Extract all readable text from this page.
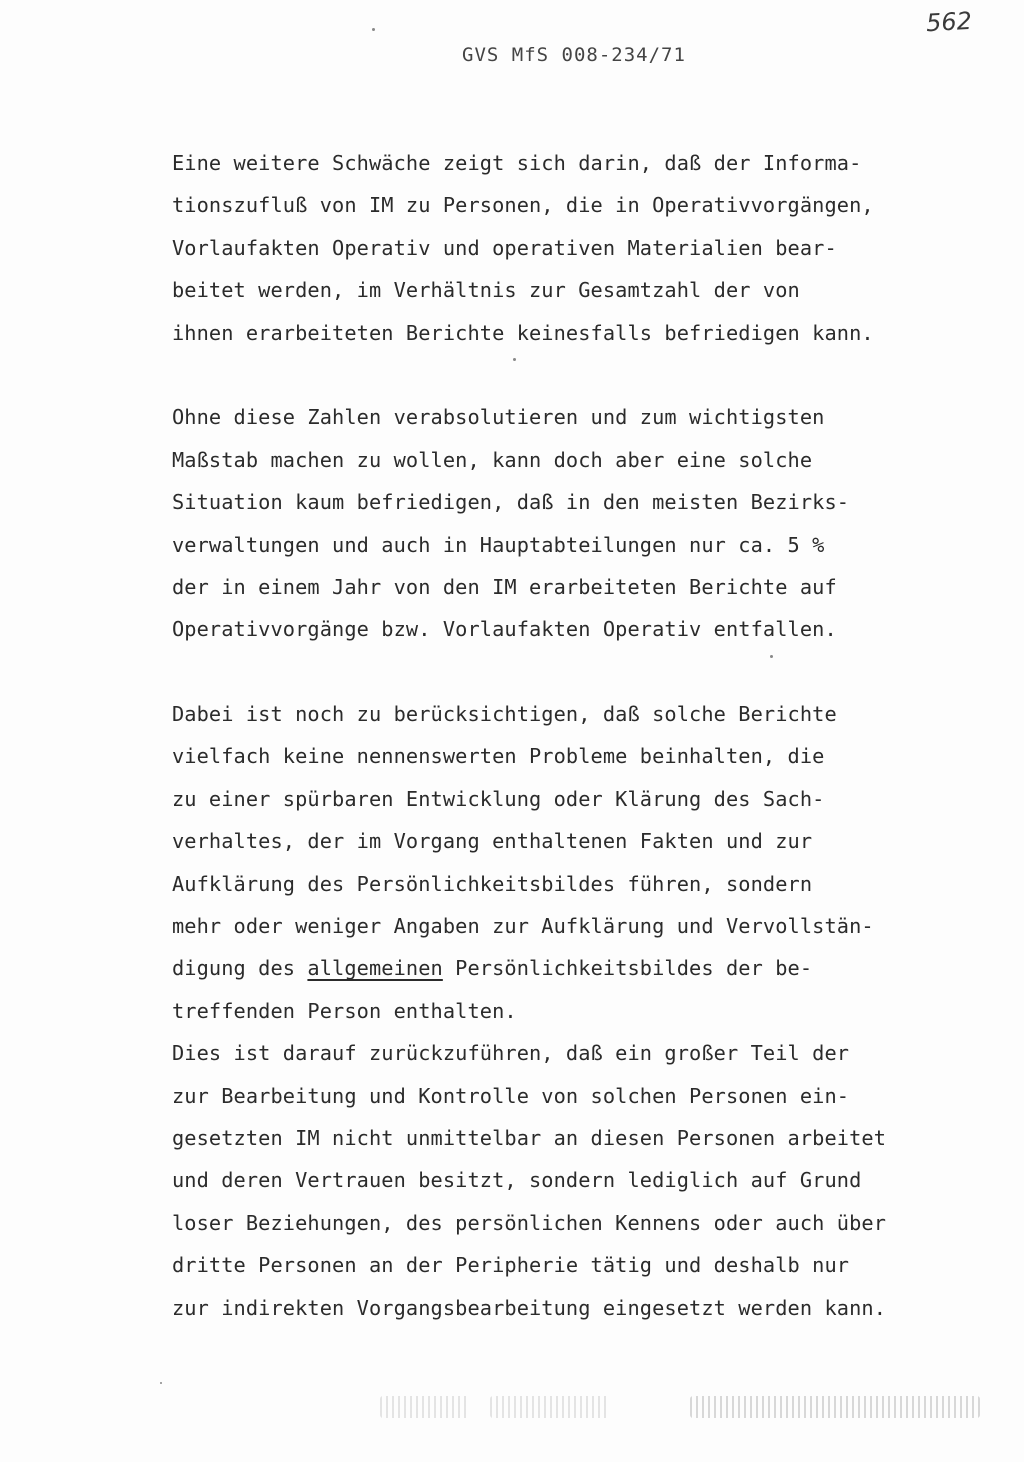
562
GVS MfS 008-234/71
Eine weitere Schwäche zeigt sich darin, daß der Informa-
tionszufluß von IM zu Personen, die in Operativvorgängen,
Vorlaufakten Operativ und operativen Materialien bear-
beitet werden, im Verhältnis zur Gesamtzahl der von
ihnen erarbeiteten Berichte keinesfalls befriedigen kann.
Ohne diese Zahlen verabsolutieren und zum wichtigsten
Maßstab machen zu wollen, kann doch aber eine solche
Situation kaum befriedigen, daß in den meisten Bezirks-
verwaltungen und auch in Hauptabteilungen nur ca. 5 %
der in einem Jahr von den IM erarbeiteten Berichte auf
Operativvorgänge bzw. Vorlaufakten Operativ entfallen.
Dabei ist noch zu berücksichtigen, daß solche Berichte
vielfach keine nennenswerten Probleme beinhalten, die
zu einer spürbaren Entwicklung oder Klärung des Sach-
verhaltes, der im Vorgang enthaltenen Fakten und zur
Aufklärung des Persönlichkeitsbildes führen, sondern
mehr oder weniger Angaben zur Aufklärung und Vervollstän-
digung des allgemeinen Persönlichkeitsbildes der be-
treffenden Person enthalten.
Dies ist darauf zurückzuführen, daß ein großer Teil der
zur Bearbeitung und Kontrolle von solchen Personen ein-
gesetzten IM nicht unmittelbar an diesen Personen arbeitet
und deren Vertrauen besitzt, sondern lediglich auf Grund
loser Beziehungen, des persönlichen Kennens oder auch über
dritte Personen an der Peripherie tätig und deshalb nur
zur indirekten Vorgangsbearbeitung eingesetzt werden kann.
